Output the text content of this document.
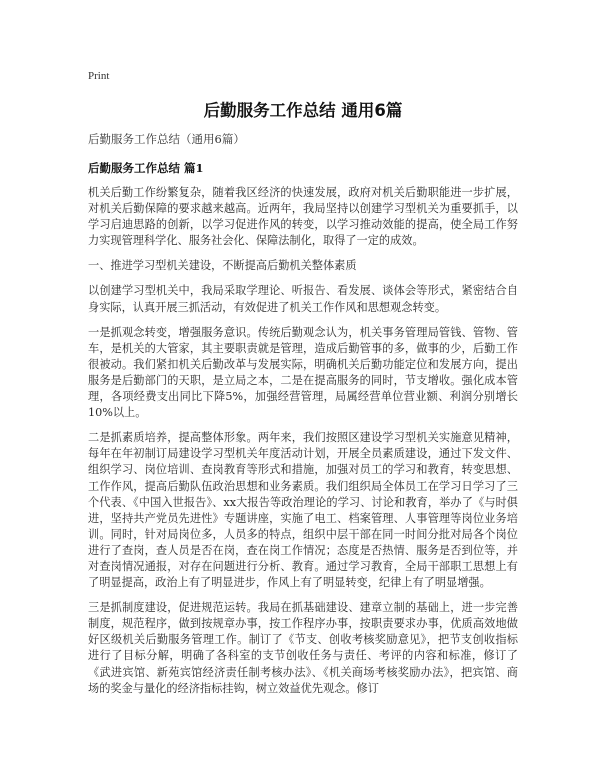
Print
后勤服务工作总结 通用6篇
后勤服务工作总结（通用6篇）
后勤服务工作总结 篇1

机关后勤工作纷繁复杂，随着我区经济的快速发展，政府对机关后勤职能进一步扩展，对机关后勤保障的要求越来越高。近两年，我局坚持以创建学习型机关为重要抓手，以学习启迪思路的创新，以学习促进作风的转变，以学习推动效能的提高，使全局工作努力实现管理科学化、服务社会化、保障法制化，取得了一定的成效。

一、推进学习型机关建设，不断提高后勤机关整体素质

以创建学习型机关中，我局采取学理论、听报告、看发展、谈体会等形式，紧密结合自身实际，认真开展三抓活动，有效促进了机关工作作风和思想观念转变。

一是抓观念转变，增强服务意识。传统后勤观念认为，机关事务管理局管钱、管物、管车，是机关的大管家，其主要职责就是管理，造成后勤管事的多，做事的少，后勤工作很被动。我们紧扣机关后勤改革与发展实际，明确机关后勤功能定位和发展方向，提出服务是后勤部门的天职，是立局之本，二是在提高服务的同时，节支增收。强化成本管理，各项经费支出同比下降5%，加强经营管理，局属经营单位营业额、利润分别增长10%以上。

二是抓素质培养，提高整体形象。两年来，我们按照区建设学习型机关实施意见精神，每年在年初制订局建设学习型机关年度活动计划，开展全员素质建设，通过下发文件、组织学习、岗位培训、查岗教育等形式和措施，加强对员工的学习和教育，转变思想、工作作风，提高后勤队伍政治思想和业务素质。我们组织局全体员工在学习日学习了三个代表、《中国入世报告》、xx大报告等政治理论的学习、讨论和教育，举办了《与时俱进，坚持共产党员先进性》专题讲座，实施了电工、档案管理、人事管理等岗位业务培训。同时，针对局岗位多，人员多的特点，组织中层干部在同一时间分批对局各个岗位进行了查岗，查人员是否在岗，查在岗工作情况；态度是否热情、服务是否到位等，并对查岗情况通报，对存在问题进行分析、教育。通过学习教育，全局干部职工思想上有了明显提高，政治上有了明显进步，作风上有了明显转变，纪律上有了明显增强。

三是抓制度建设，促进规范运转。我局在抓基础建设、建章立制的基础上，进一步完善制度，规范程序，做到按规章办事，按工作程序办事，按职责要求办事，优质高效地做好区级机关后勤服务管理工作。制订了《节支、创收考核奖励意见》，把节支创收指标进行了目标分解，明确了各科室的支节创收任务与责任、考评的内容和标准，修订了《武进宾馆、新苑宾馆经济责任制考核办法》、《机关商场考核奖励办法》，把宾馆、商场的奖金与量化的经济指标挂钩，树立效益优先观念。修订
